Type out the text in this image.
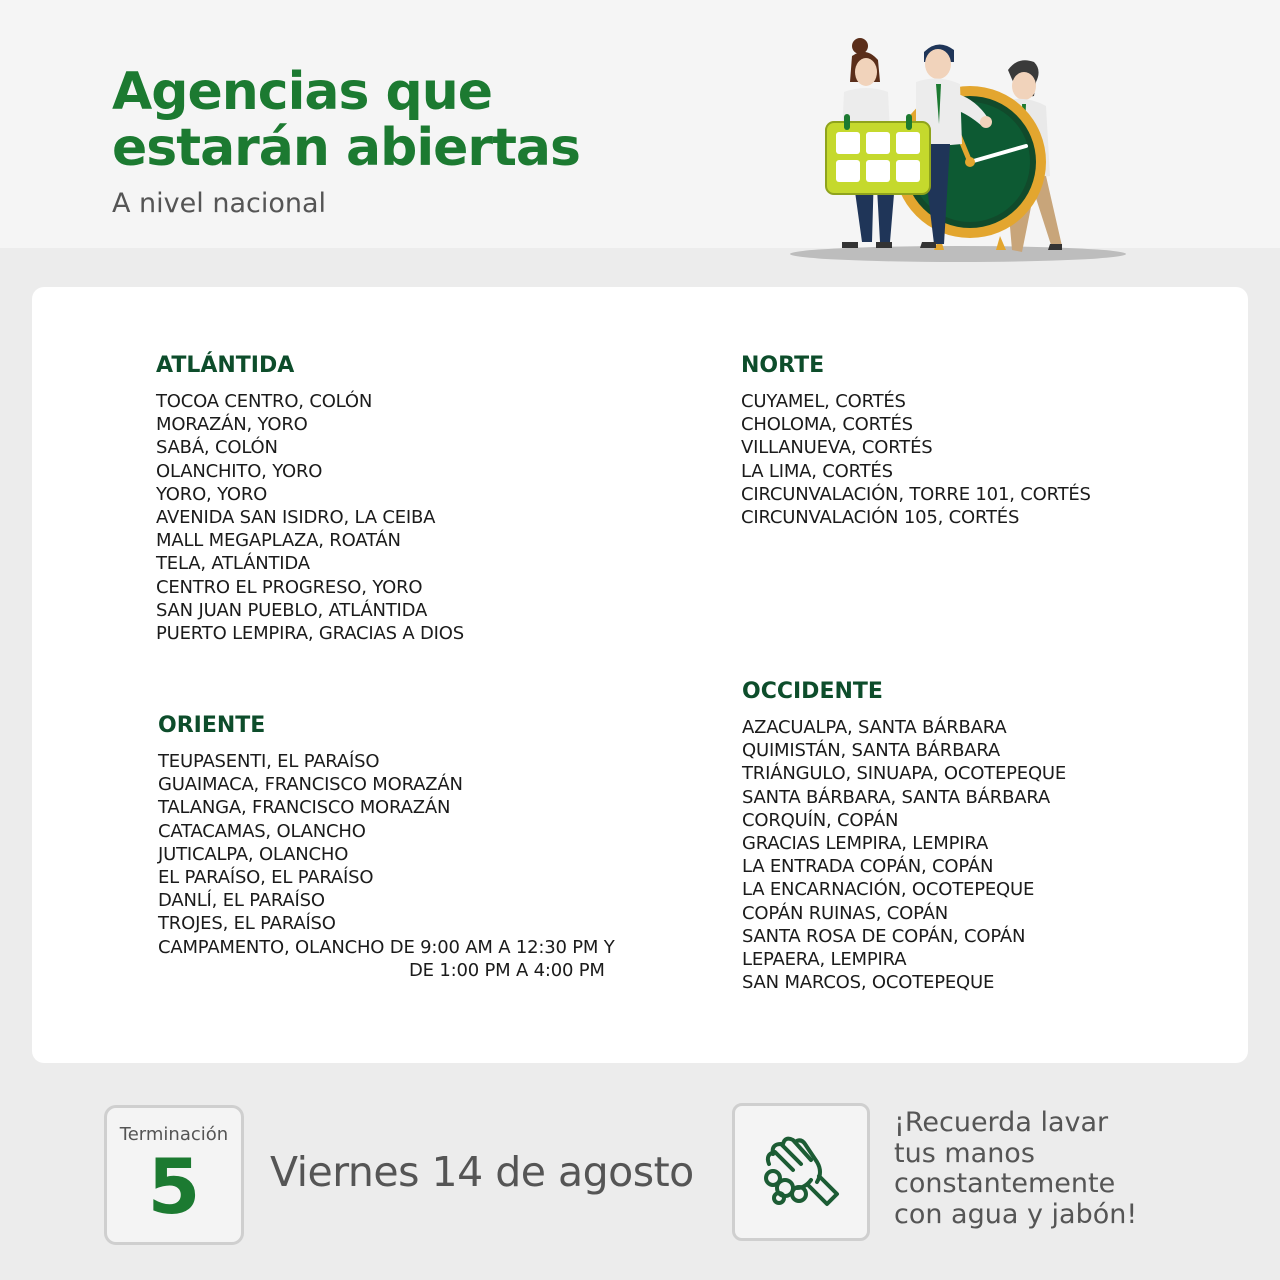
Agencias que
estarán abiertas

A nivel nacional

ATLÁNTIDA
TOCOA CENTRO, COLÓN
MORAZÁN, YORO
SABÁ, COLÓN
OLANCHITO, YORO
YORO, YORO
AVENIDA SAN ISIDRO, LA CEIBA
MALL MEGAPLAZA, ROATÁN
TELA, ATLÁNTIDA
CENTRO EL PROGRESO, YORO
SAN JUAN PUEBLO, ATLÁNTIDA
PUERTO LEMPIRA, GRACIAS A DIOS
NORTE
CUYAMEL, CORTÉS
CHOLOMA, CORTÉS
VILLANUEVA, CORTÉS
LA LIMA, CORTÉS
CIRCUNVALACIÓN, TORRE 101, CORTÉS
CIRCUNVALACIÓN 105, CORTÉS
ORIENTE
TEUPASENTI, EL PARAÍSO
GUAIMACA, FRANCISCO MORAZÁN
TALANGA, FRANCISCO MORAZÁN
CATACAMAS, OLANCHO
JUTICALPA, OLANCHO
EL PARAÍSO, EL PARAÍSO
DANLÍ, EL PARAÍSO
TROJES, EL PARAÍSO
CAMPAMENTO, OLANCHO DE 9:00 AM A 12:30 PM Y
DE 1:00 PM A 4:00 PM
OCCIDENTE
AZACUALPA, SANTA BÁRBARA
QUIMISTÁN, SANTA BÁRBARA
TRIÁNGULO, SINUAPA, OCOTEPEQUE
SANTA BÁRBARA, SANTA BÁRBARA
CORQUÍN, COPÁN
GRACIAS LEMPIRA, LEMPIRA
LA ENTRADA COPÁN, COPÁN
LA ENCARNACIÓN, OCOTEPEQUE
COPÁN RUINAS, COPÁN
SANTA ROSA DE COPÁN, COPÁN
LEPAERA, LEMPIRA
SAN MARCOS, OCOTEPEQUE
Terminación
5	Viernes 14 de agosto

¡Recuerda lavar
tus manos
constantemente
con agua y jabón!
